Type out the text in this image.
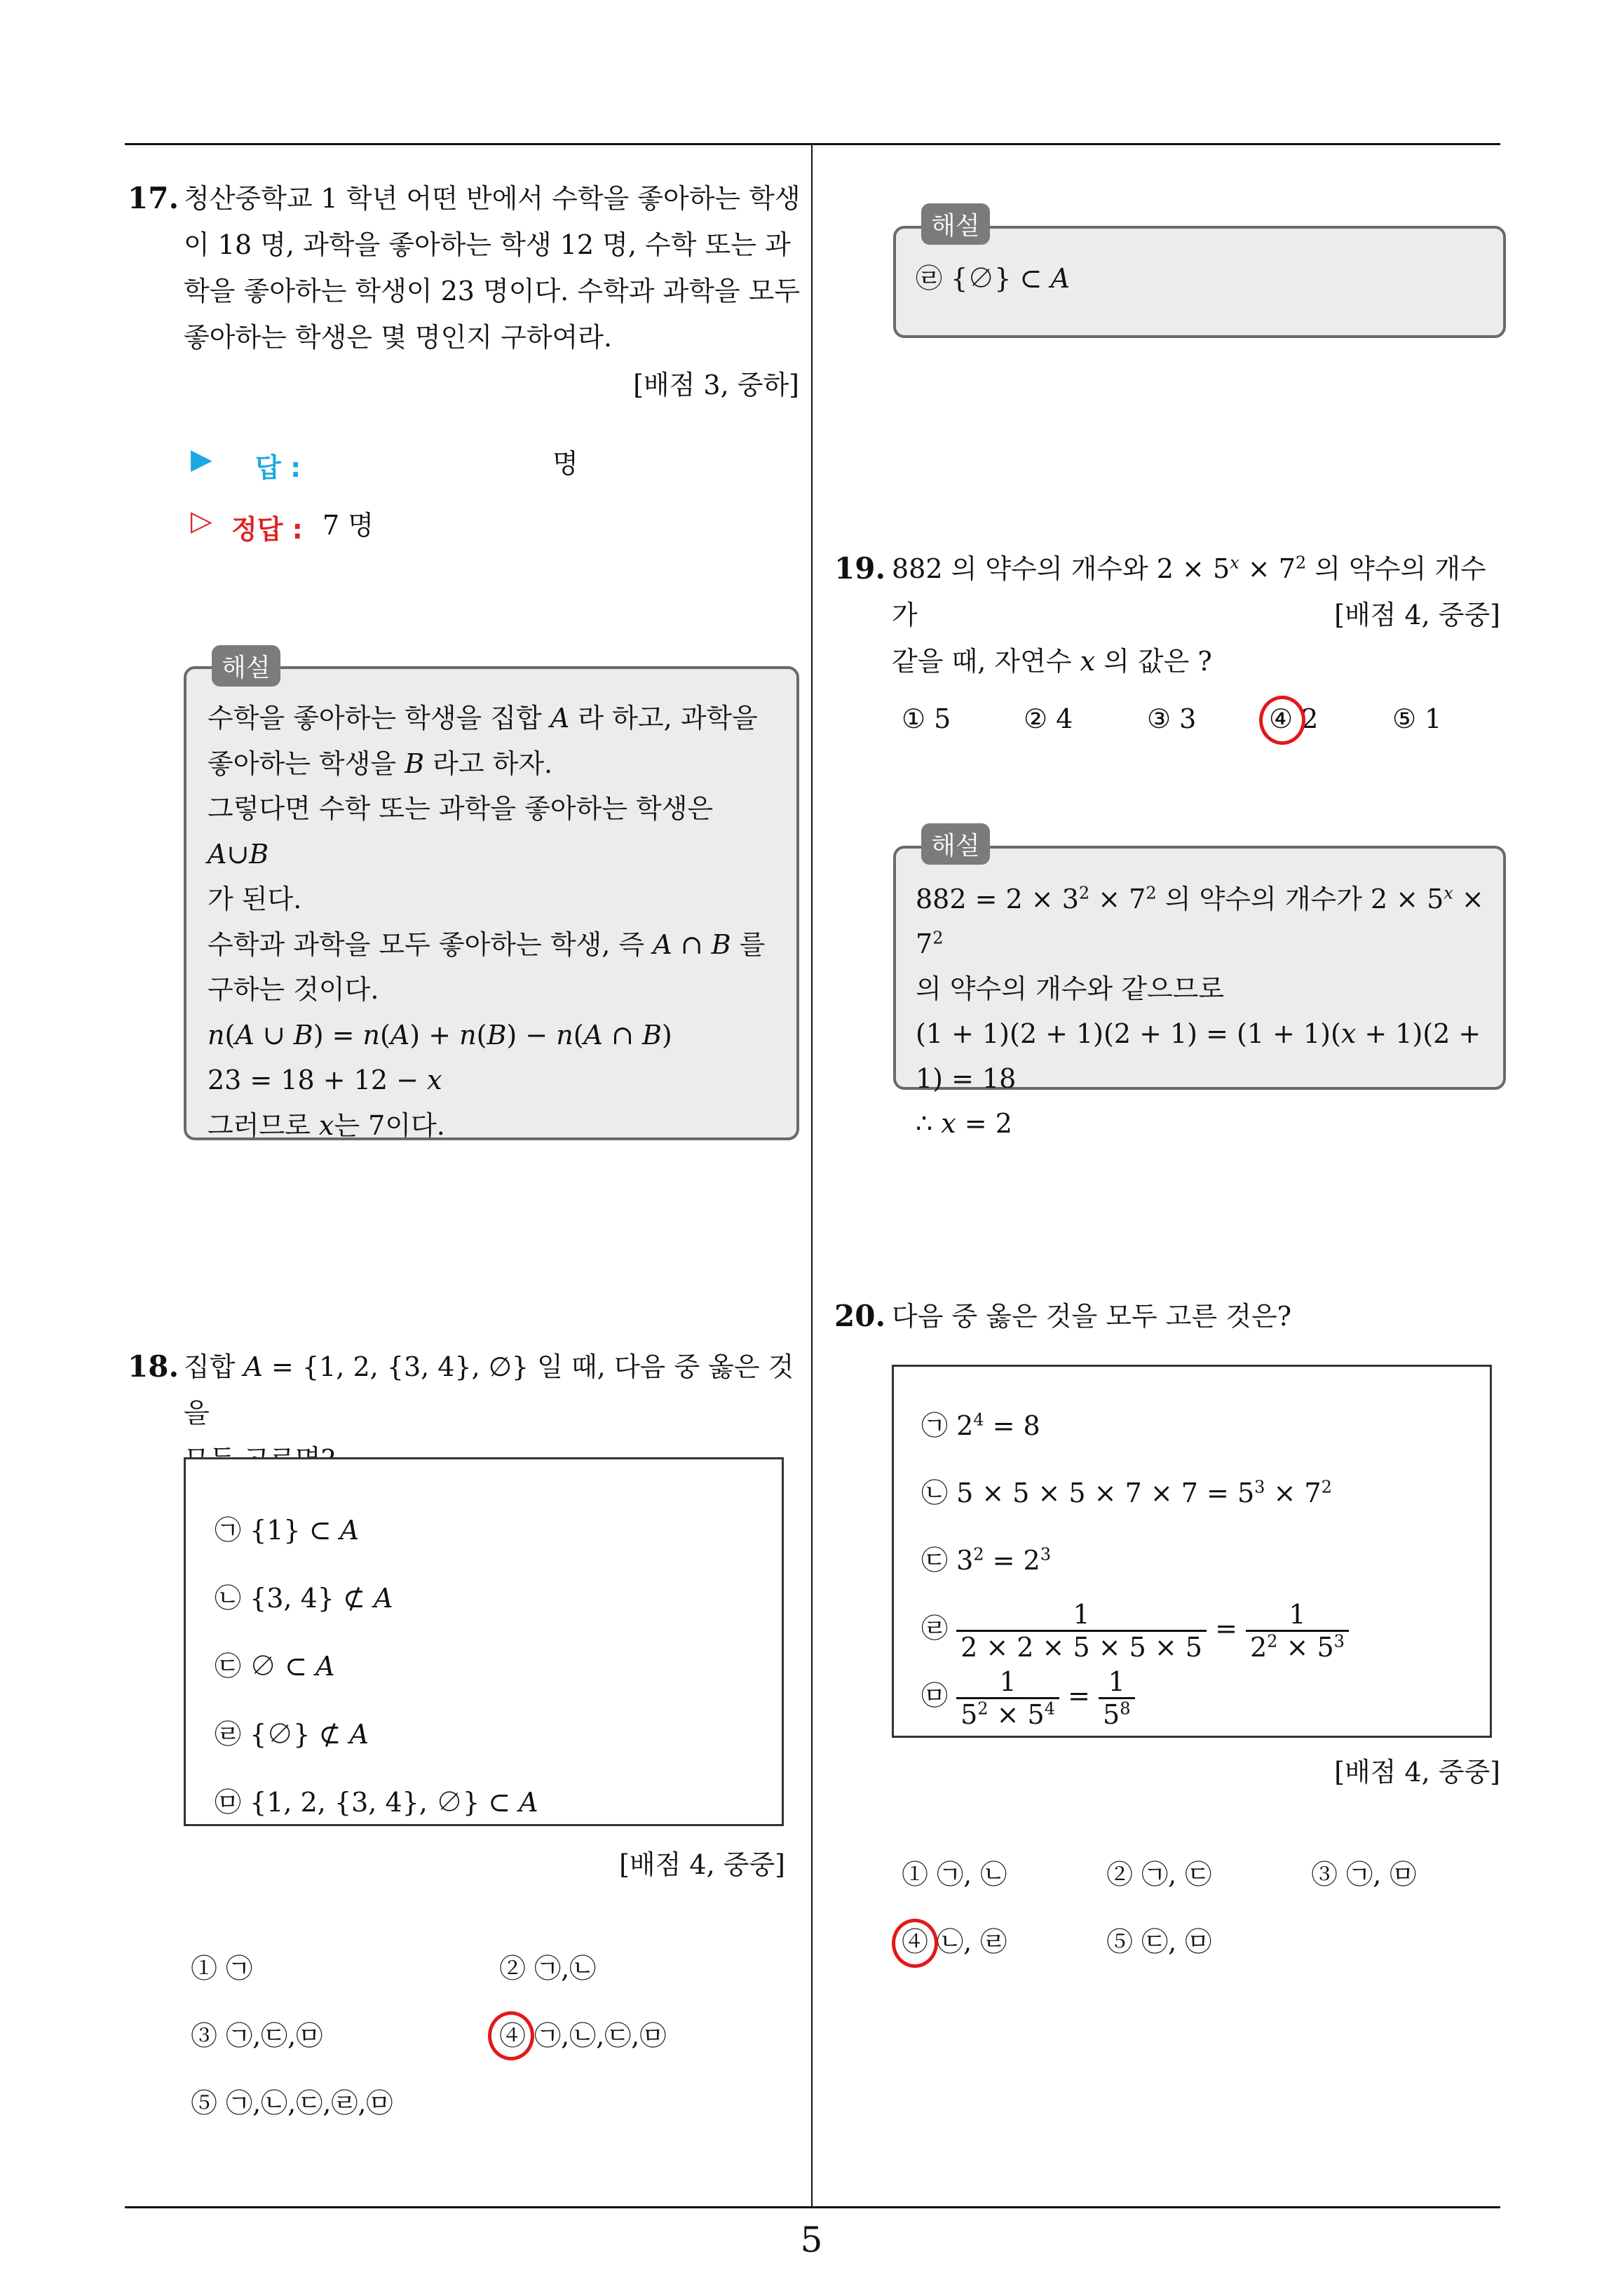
17. 청산중학교 1 학년 어떤 반에서 수학을 좋아하는 학생
이 18 명, 과학을 좋아하는 학생 12 명, 수학 또는 과
학을 좋아하는 학생이 23 명이다. 수학과 과학을 모두
좋아하는 학생은 몇 명인지 구하여라.
[배점 3, 중하]
▶ 답 :	명
▷ 정답 : 7 명
해설
수학을 좋아하는 학생을 집합 A 라 하고, 과학을
좋아하는 학생을 B 라고 하자.
그렇다면 수학 또는 과학을 좋아하는 학생은 A∪B
가 된다.
수학과 과학을 모두 좋아하는 학생, 즉 A ∩ B 를
구하는 것이다.
n(A ∪ B) = n(A) + n(B) − n(A ∩ B)
23 = 18 + 12 − x
그러므로 x는 7이다.
18. 집합 A = {1, 2, {3, 4}, ∅} 일 때, 다음 중 옳은 것을
㉠ {1} ⊂ A
㉡ {3, 4} ⊄ A
㉢ ∅ ⊂ A
㉣ {∅} ⊄ A
㉤ {1, 2, {3, 4}, ∅} ⊂ A
[배점 4, 중중]
① ㉠	② ㉠,㉡
③ ㉠,㉢,㉤	④ ㉠,㉡,㉢,㉤
⑤ ㉠,㉡,㉢,㉣,㉤
해설
㉣ {∅} ⊂ A
19. 882 의 약수의 개수와 $2 \times 5^x \times 7^2$ 의 약수의 개수가
같을 때, 자연수 x 의 값은 ?
[배점 4, 중중]
① 5	② 4	③ 3	④ 2	⑤ 1
해설
$882 = 2 \times 3^2 \times 7^2$ 의 약수의 개수가 $2 \times 5^x \times 7^2$
의 약수의 개수와 같으므로
(1 + 1)(2 + 1)(2 + 1) = (1 + 1)(x + 1)(2 + 1) = 18
∴ x = 2
20. 다음 중 옳은 것을 모두 고른 것은?
㉠ $2^4 = 8$
㉡ $5 \times 5 \times 5 \times 7 \times 7 = 5^3 \times 7^2$
㉢ $3^2 = 2^3$
㉣ $\frac{1}{2 \times 2 \times 5 \times 5 \times 5} = \frac{1}{2^2 \times 5^3}$
㉤ $\frac{1}{5^2 \times 5^4} = \frac{1}{5^8}$
[배점 4, 중중]
① ㉠, ㉡	② ㉠, ㉢	③ ㉠, ㉤
④ ㉡, ㉣	⑤ ㉢, ㉤
5
